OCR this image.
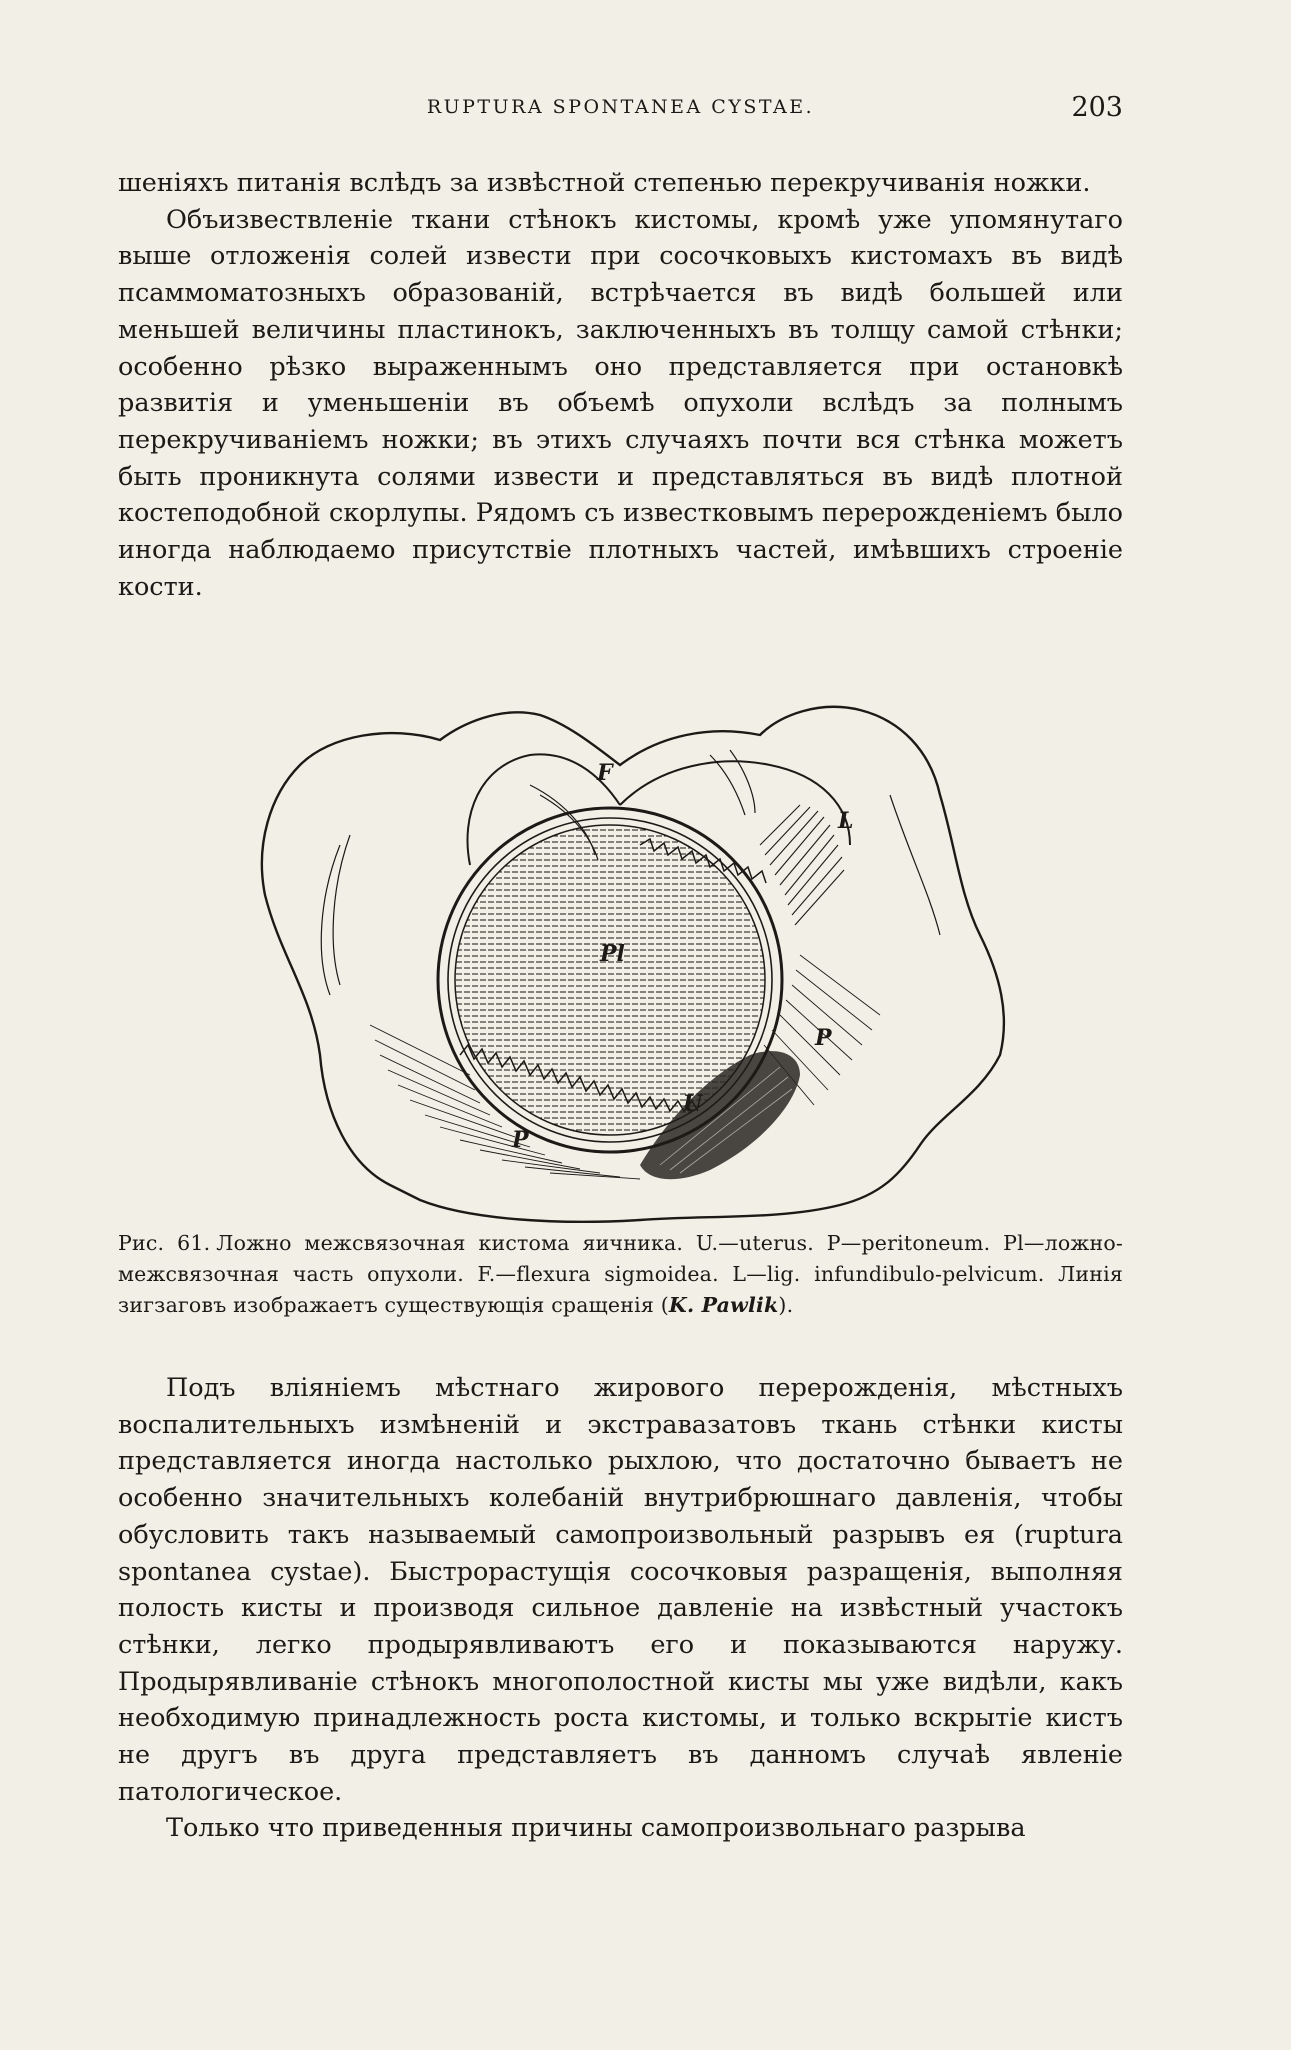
RUPTURA SPONTANEA CYSTAE.	203

шеніяхъ питанія вслѣдъ за извѣстной степенью перекручиванія ножки.

Объизвествленіе ткани стѣнокъ кистомы, кромѣ уже упомянутаго выше отложенія солей извести при сосочковыхъ кистомахъ въ видѣ псаммоматозныхъ образованій, встрѣчается въ видѣ большей или меньшей величины пластинокъ, заключенныхъ въ толщу самой стѣнки; особенно рѣзко выраженнымъ оно представляется при остановкѣ развитія и уменьшеніи въ объемѣ опухоли вслѣдъ за полнымъ перекручиваніемъ ножки; въ этихъ случаяхъ почти вся стѣнка можетъ быть проникнута солями извести и представляться въ видѣ плотной костеподобной скорлупы. Рядомъ съ известковымъ перерожденіемъ было иногда наблюдаемо присутствіе плотныхъ частей, имѣвшихъ строеніе кости.

F
L
Pl
P
U
P
Рис. 61. Ложно межсвязочная кистома яичника. U.—uterus. P—peritoneum. Pl—ложно-межсвязочная часть опухоли. F.—flexura sigmoidea. L—lig. infundibulo-pelvicum. Линія зигзаговъ изображаетъ существующія сращенія (K. Pawlik).

Подъ вліяніемъ мѣстнаго жирового перерожденія, мѣстныхъ воспалительныхъ измѣненій и экстравазатовъ ткань стѣнки кисты представляется иногда настолько рыхлою, что достаточно бываетъ не особенно значительныхъ колебаній внутрибрюшнаго давленія, чтобы обусловить такъ называемый самопроизвольный разрывъ ея (ruptura spontanea cystae). Быстрорастущія сосочковыя разращенія, выполняя полость кисты и производя сильное давленіе на извѣстный участокъ стѣнки, легко продырявливаютъ его и показываются наружу. Продырявливаніе стѣнокъ многополостной кисты мы уже видѣли, какъ необходимую принадлежность роста кистомы, и только вскрытіе кистъ не другъ въ друга представляетъ въ данномъ случаѣ явленіе патологическое.

Только что приведенныя причины самопроизвольнаго разрыва
